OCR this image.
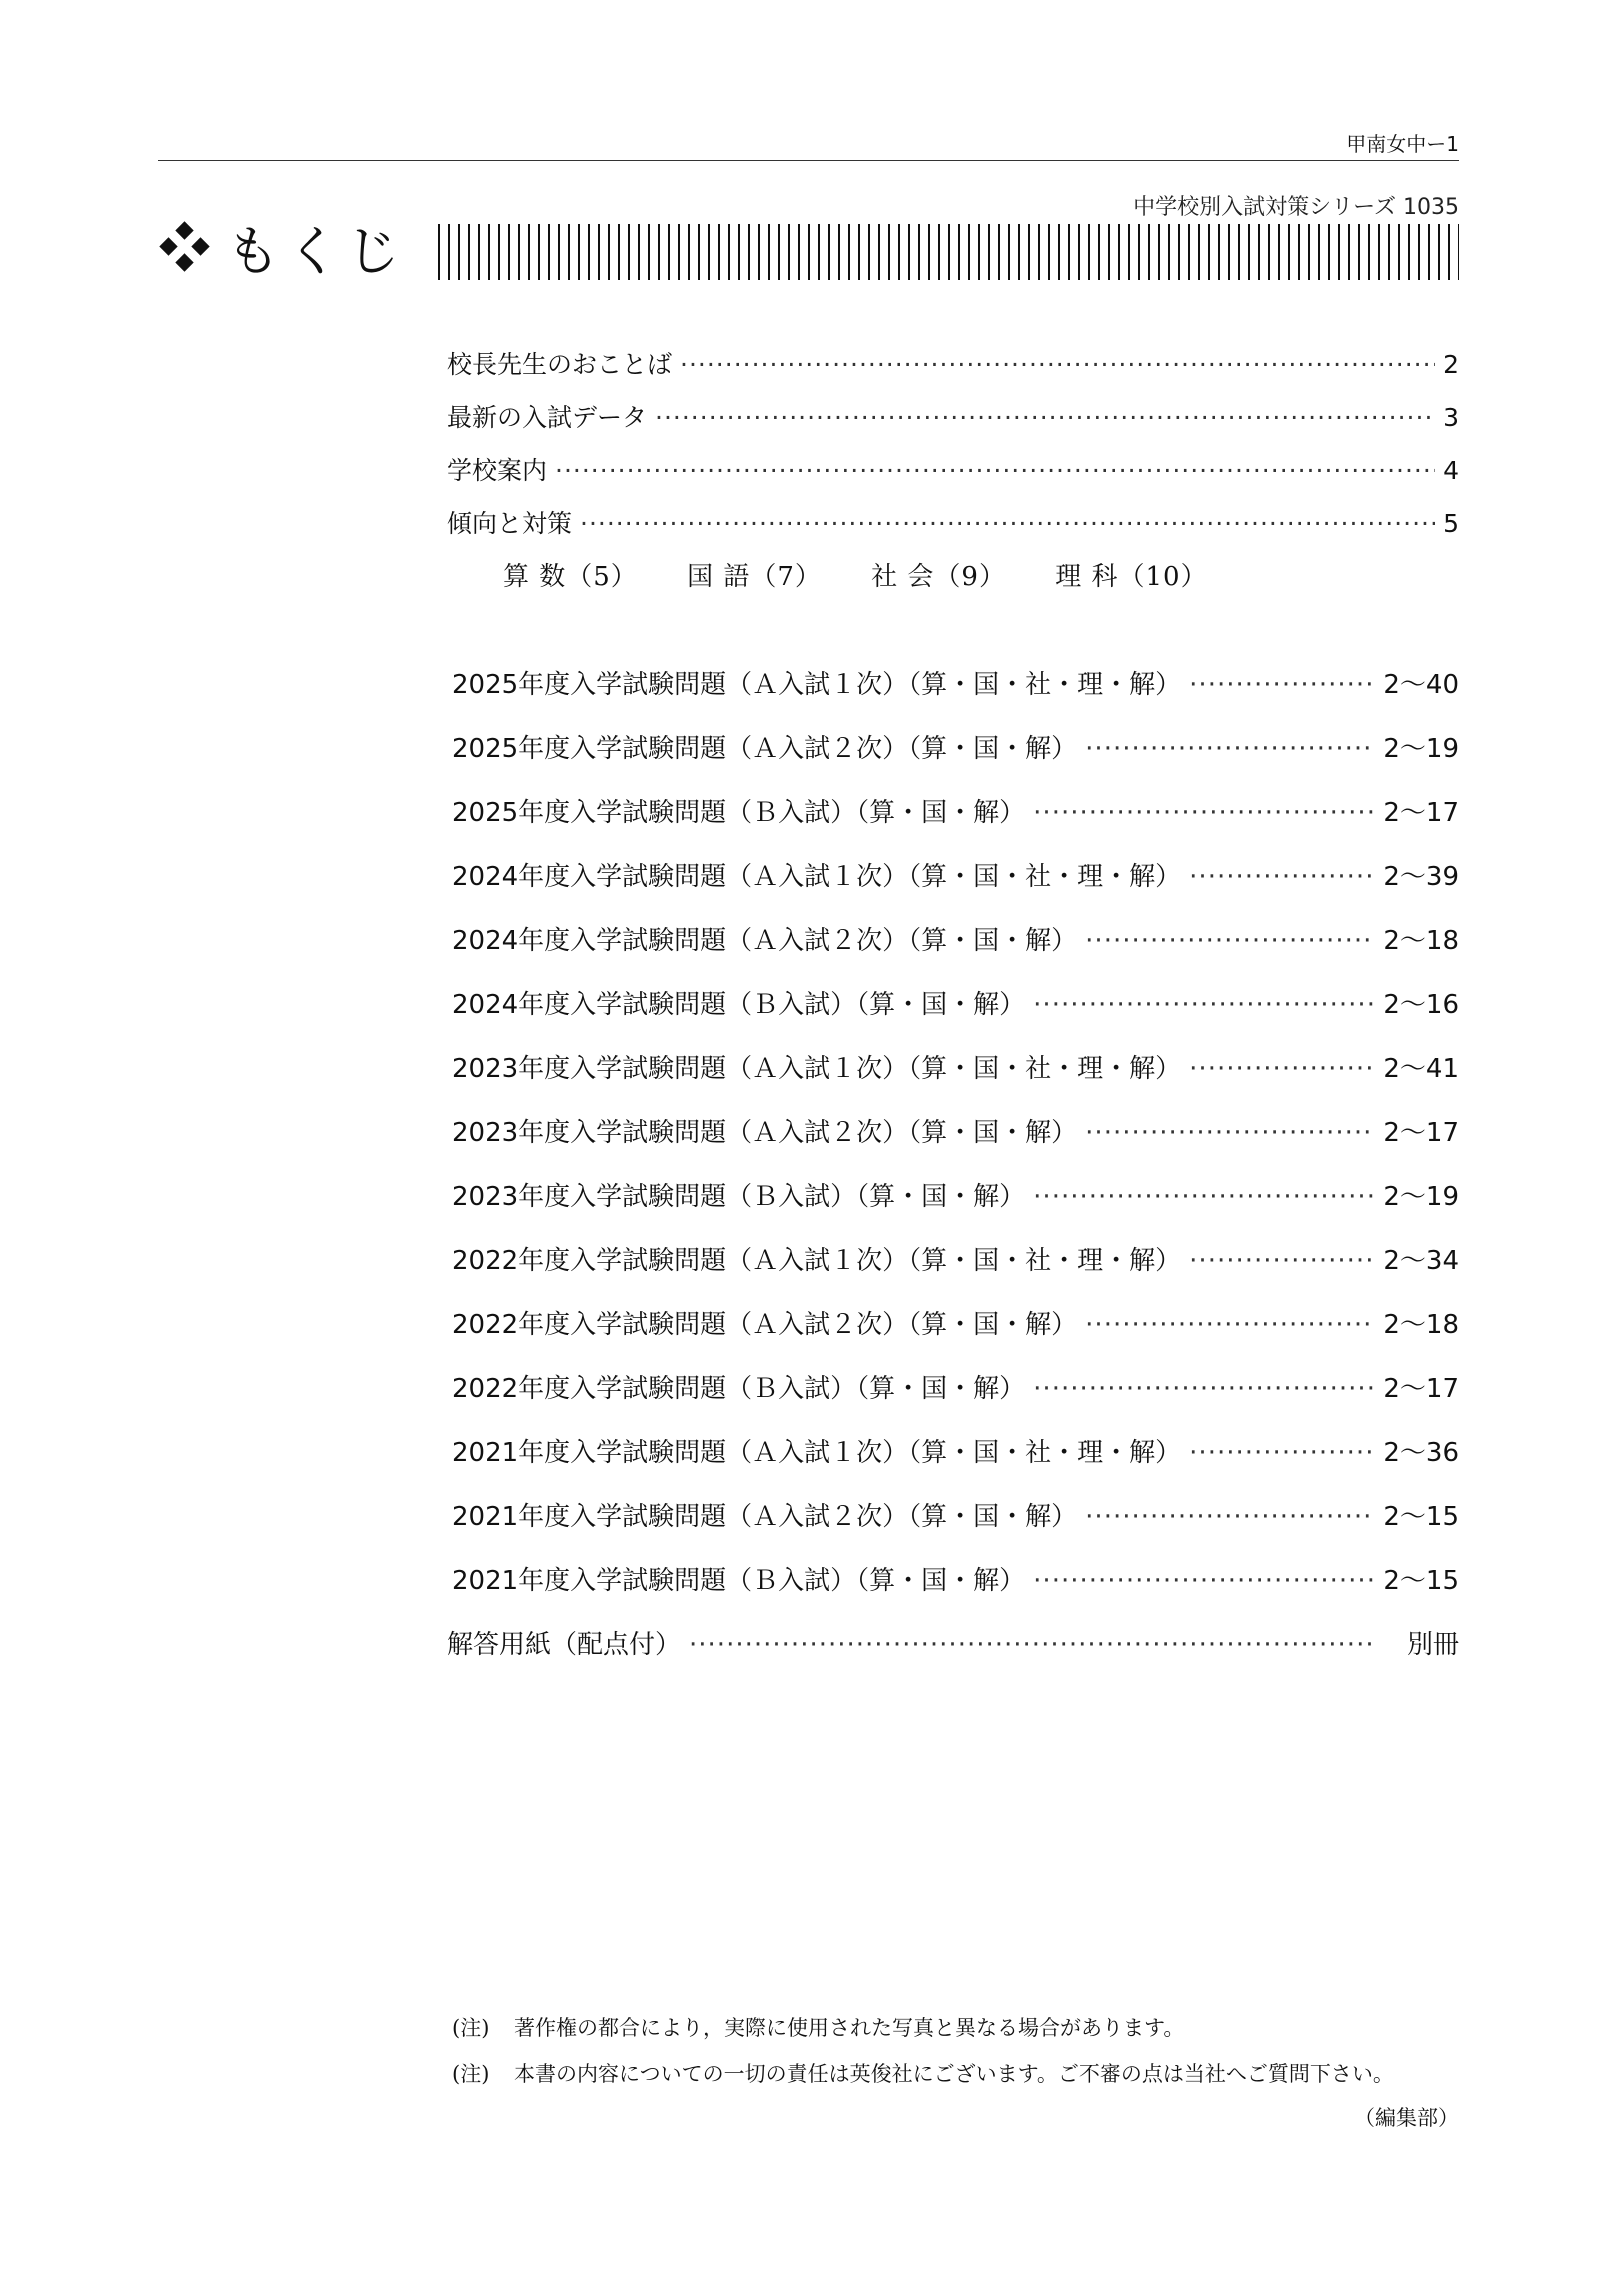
甲南女中ー1
中学校別入試対策シリーズ 1035
もくじ
校長先生のおことば ·····	2
最新の入試データ ·····	3
学校案内 ·····	4
傾向と対策 ·····	5
算 数（5） 国 語（7） 社 会（9） 理 科（10）
2025年度入学試験問題（Ａ入試１次）（算・国・社・理・解） ·····	2〜40
2025年度入学試験問題（Ａ入試２次）（算・国・解） ·····	2〜19
2025年度入学試験問題（Ｂ入試）（算・国・解） ·····	2〜17
2024年度入学試験問題（Ａ入試１次）（算・国・社・理・解） ·····	2〜39
2024年度入学試験問題（Ａ入試２次）（算・国・解） ·····	2〜18
2024年度入学試験問題（Ｂ入試）（算・国・解） ·····	2〜16
2023年度入学試験問題（Ａ入試１次）（算・国・社・理・解） ·····	2〜41
2023年度入学試験問題（Ａ入試２次）（算・国・解） ·····	2〜17
2023年度入学試験問題（Ｂ入試）（算・国・解） ·····	2〜19
2022年度入学試験問題（Ａ入試１次）（算・国・社・理・解） ·····	2〜34
2022年度入学試験問題（Ａ入試２次）（算・国・解） ·····	2〜18
2022年度入学試験問題（Ｂ入試）（算・国・解） ·····	2〜17
2021年度入学試験問題（Ａ入試１次）（算・国・社・理・解） ·····	2〜36
2021年度入学試験問題（Ａ入試２次）（算・国・解） ·····	2〜15
2021年度入学試験問題（Ｂ入試）（算・国・解） ·····	2〜15
解答用紙（配点付） ·····	別冊
(注)	著作権の都合により，実際に使用された写真と異なる場合があります。
(注)	本書の内容についての一切の責任は英俊社にございます。ご不審の点は当社へご質問下さい。
（編集部）
